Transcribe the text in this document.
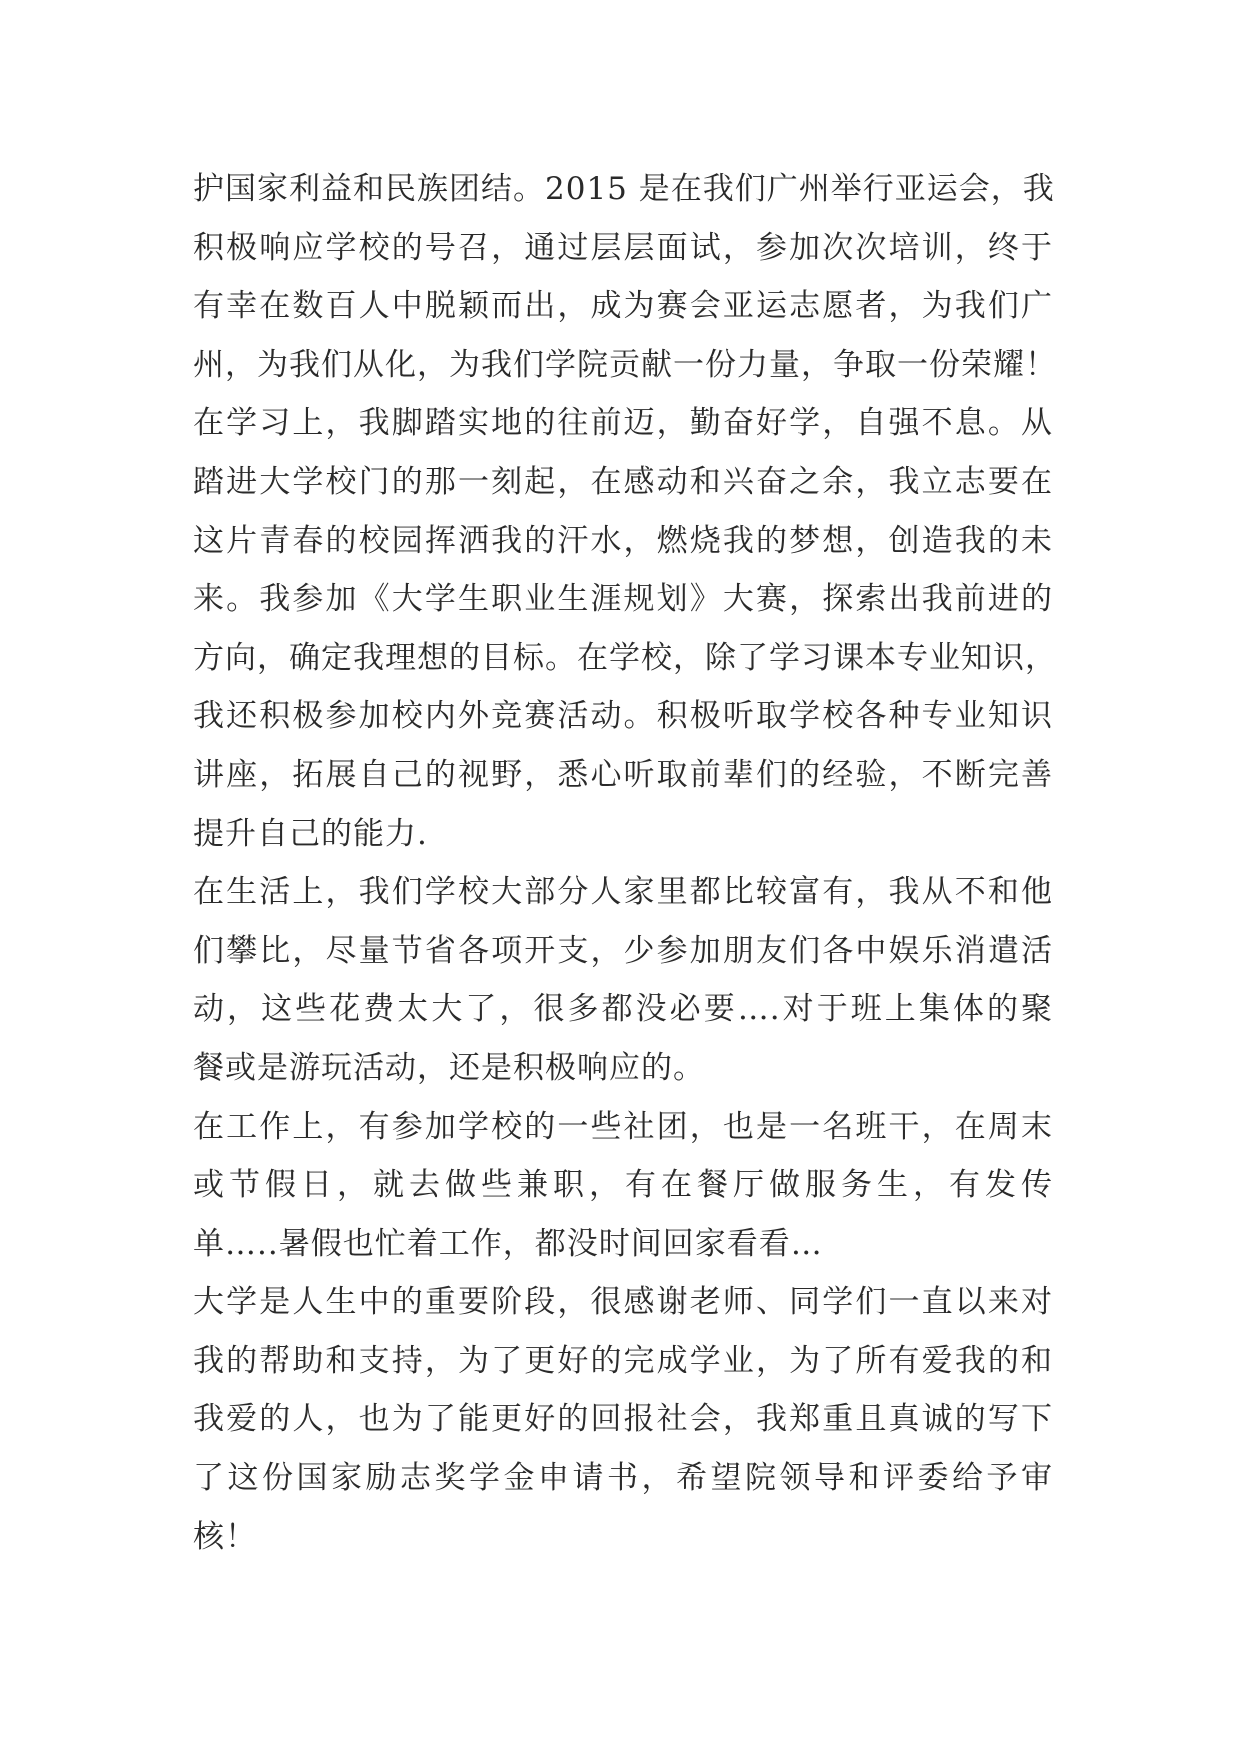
护国家利益和民族团结。2015 是在我们广州举行亚运会，我
积极响应学校的号召，通过层层面试，参加次次培训，终于
有幸在数百人中脱颖而出，成为赛会亚运志愿者，为我们广
州，为我们从化，为我们学院贡献一份力量，争取一份荣耀！
在学习上，我脚踏实地的往前迈，勤奋好学，自强不息。从
踏进大学校门的那一刻起，在感动和兴奋之余，我立志要在
这片青春的校园挥洒我的汗水，燃烧我的梦想，创造我的未
来。我参加《大学生职业生涯规划》大赛，探索出我前进的
方向，确定我理想的目标。在学校，除了学习课本专业知识，
我还积极参加校内外竞赛活动。积极听取学校各种专业知识
讲座，拓展自己的视野，悉心听取前辈们的经验，不断完善
提升自己的能力.
在生活上，我们学校大部分人家里都比较富有，我从不和他
们攀比，尽量节省各项开支，少参加朋友们各中娱乐消遣活
动，这些花费太大了，很多都没必要….对于班上集体的聚
餐或是游玩活动，还是积极响应的。
在工作上，有参加学校的一些社团，也是一名班干，在周末
或节假日，就去做些兼职，有在餐厅做服务生，有发传
单…..暑假也忙着工作，都没时间回家看看…
大学是人生中的重要阶段，很感谢老师、同学们一直以来对
我的帮助和支持，为了更好的完成学业，为了所有爱我的和
我爱的人，也为了能更好的回报社会，我郑重且真诚的写下
了这份国家励志奖学金申请书，希望院领导和评委给予审
核！
